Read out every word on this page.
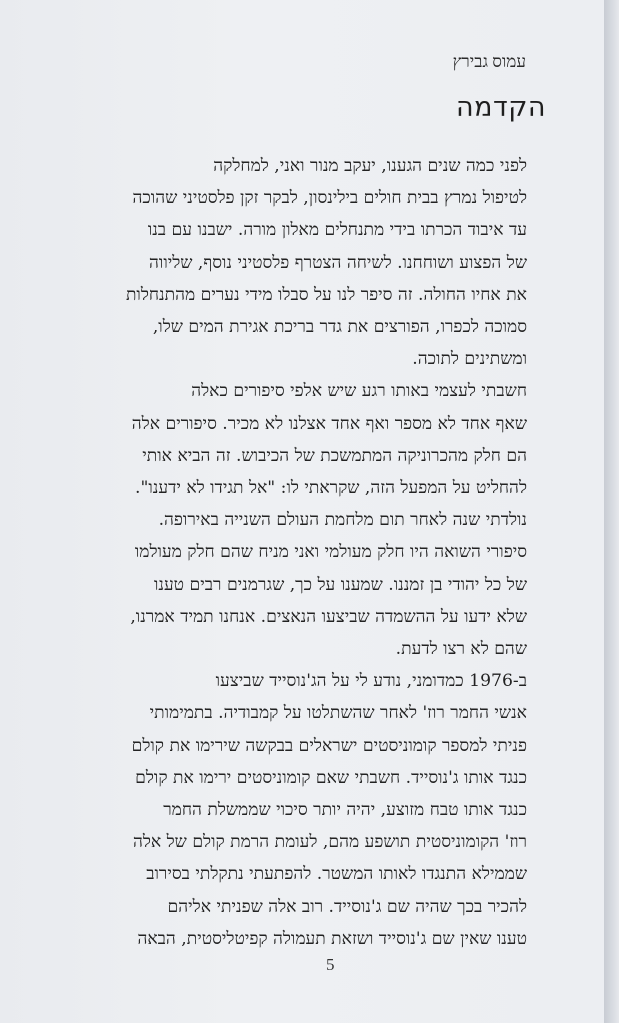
עמוס גבירץ
הקדמה

לפני כמה שנים הגענו, יעקב מנור ואני, למחלקה
לטיפול נמרץ בבית חולים בילינסון, לבקר זקן פלסטיני שהוכה
עד איבוד הכרתו בידי מתנחלים מאלון מורה. ישבנו עם בנו
של הפצוע ושוחחנו. לשיחה הצטרף פלסטיני נוסף, שליווה
את אחיו החולה. זה סיפר לנו על סבלו מידי נערים מהתנחלות
סמוכה לכפרו, הפורצים את גדר בריכת אגירת המים שלו,
ומשתינים לתוכה.

חשבתי לעצמי באותו רגע שיש אלפי סיפורים כאלה
שאף אחד לא מספר ואף אחד אצלנו לא מכיר. סיפורים אלה
הם חלק מהכרוניקה המתמשכת של הכיבוש. זה הביא אותי
להחליט על המפעל הזה, שקראתי לו: "אל תגידו לא ידענו".
נולדתי שנה לאחר תום מלחמת העולם השנייה באירופה.
סיפורי השואה היו חלק מעולמי ואני מניח שהם חלק מעולמו
של כל יהודי בן זמננו. שמענו על כך, שגרמנים רבים טענו
שלא ידעו על ההשמדה שביצעו הנאצים. אנחנו תמיד אמרנו,
שהם לא רצו לדעת.

ב-1976 כמדומני, נודע לי על הג'נוסייד שביצעו
אנשי החמר רוז' לאחר שהשתלטו על קמבודיה. בתמימותי
פניתי למספר קומוניסטים ישראלים בבקשה שירימו את קולם
כנגד אותו ג'נוסייד. חשבתי שאם קומוניסטים ירימו את קולם
כנגד אותו טבח מזוצע, יהיה יותר סיכוי שממשלת החמר
רוז' הקומוניסטית תושפע מהם, לעומת הרמת קולם של אלה
שממילא התנגדו לאותו המשטר. להפתעתי נתקלתי בסירוב
להכיר בכך שהיה שם ג'נוסייד. רוב אלה שפניתי אליהם
טענו שאין שם ג'נוסייד ושזאת תעמולה קפיטליסטית, הבאה

5
